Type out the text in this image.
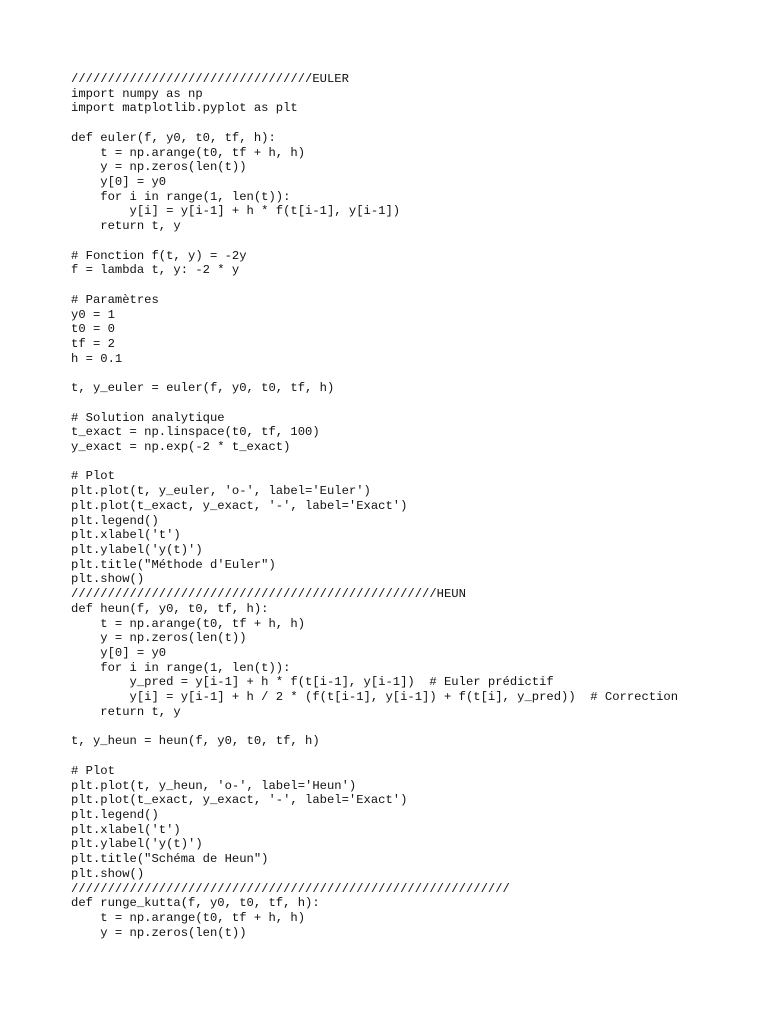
/////////////////////////////////EULER
import numpy as np
import matplotlib.pyplot as plt
def euler(f, y0, t0, tf, h):
t = np.arange(t0, tf + h, h)
y = np.zeros(len(t))
y[0] = y0
for i in range(1, len(t)):
y[i] = y[i-1] + h * f(t[i-1], y[i-1])
return t, y
# Fonction f(t, y) = -2y
f = lambda t, y: -2 * y
# Paramètres
y0 = 1
t0 = 0
tf = 2
h = 0.1
t, y_euler = euler(f, y0, t0, tf, h)
# Solution analytique
t_exact = np.linspace(t0, tf, 100)
y_exact = np.exp(-2 * t_exact)
# Plot
plt.plot(t, y_euler, 'o-', label='Euler')
plt.plot(t_exact, y_exact, '-', label='Exact')
plt.legend()
plt.xlabel('t')
plt.ylabel('y(t)')
plt.title("Méthode d'Euler")
plt.show()
//////////////////////////////////////////////////HEUN
def heun(f, y0, t0, tf, h):
t = np.arange(t0, tf + h, h)
y = np.zeros(len(t))
y[0] = y0
for i in range(1, len(t)):
y_pred = y[i-1] + h * f(t[i-1], y[i-1])  # Euler prédictif
y[i] = y[i-1] + h / 2 * (f(t[i-1], y[i-1]) + f(t[i], y_pred))  # Correction
return t, y
t, y_heun = heun(f, y0, t0, tf, h)
# Plot
plt.plot(t, y_heun, 'o-', label='Heun')
plt.plot(t_exact, y_exact, '-', label='Exact')
plt.legend()
plt.xlabel('t')
plt.ylabel('y(t)')
plt.title("Schéma de Heun")
plt.show()
////////////////////////////////////////////////////////////
def runge_kutta(f, y0, t0, tf, h):
t = np.arange(t0, tf + h, h)
y = np.zeros(len(t))
